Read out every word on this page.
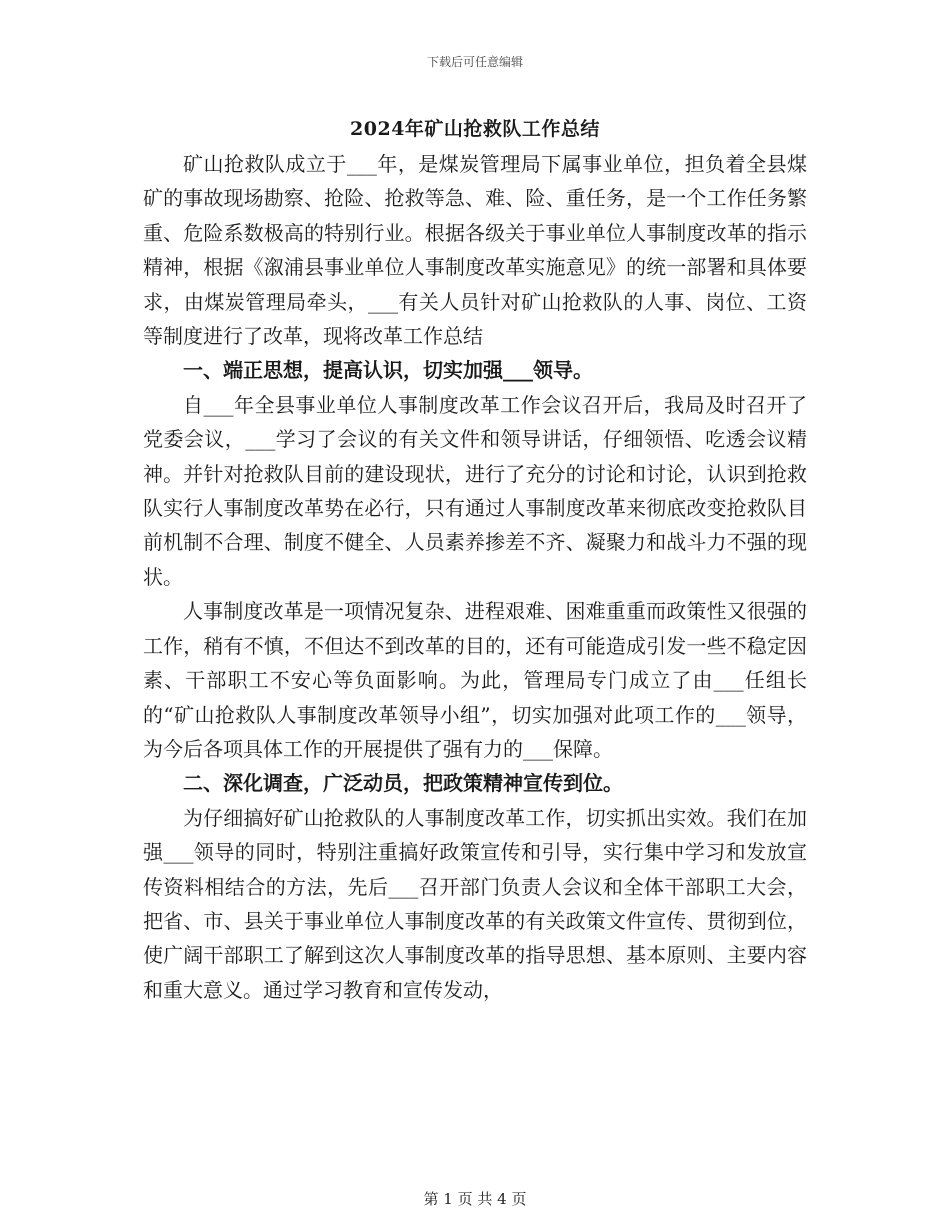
下载后可任意编辑
2024年矿山抢救队工作总结

矿山抢救队成立于___年，是煤炭管理局下属事业单位，担负着全县煤矿的事故现场勘察、抢险、抢救等急、难、险、重任务，是一个工作任务繁重、危险系数极高的特别行业。根据各级关于事业单位人事制度改革的指示精神，根据《溆浦县事业单位人事制度改革实施意见》的统一部署和具体要求，由煤炭管理局牵头，___有关人员针对矿山抢救队的人事、岗位、工资等制度进行了改革，现将改革工作总结

一、端正思想，提高认识，切实加强___领导。

自___年全县事业单位人事制度改革工作会议召开后，我局及时召开了党委会议，___学习了会议的有关文件和领导讲话，仔细领悟、吃透会议精神。并针对抢救队目前的建设现状，进行了充分的讨论和讨论，认识到抢救队实行人事制度改革势在必行，只有通过人事制度改革来彻底改变抢救队目前机制不合理、制度不健全、人员素养掺差不齐、凝聚力和战斗力不强的现状。

人事制度改革是一项情况复杂、进程艰难、困难重重而政策性又很强的工作，稍有不慎，不但达不到改革的目的，还有可能造成引发一些不稳定因素、干部职工不安心等负面影响。为此，管理局专门成立了由___任组长的“矿山抢救队人事制度改革领导小组”，切实加强对此项工作的___领导，为今后各项具体工作的开展提供了强有力的___保障。

二、深化调查，广泛动员，把政策精神宣传到位。

为仔细搞好矿山抢救队的人事制度改革工作，切实抓出实效。我们在加强___领导的同时，特别注重搞好政策宣传和引导，实行集中学习和发放宣传资料相结合的方法，先后___召开部门负责人会议和全体干部职工大会，把省、市、县关于事业单位人事制度改革的有关政策文件宣传、贯彻到位，使广阔干部职工了解到这次人事制度改革的指导思想、基本原则、主要内容和重大意义。通过学习教育和宣传发动，

第 1 页 共 4 页
